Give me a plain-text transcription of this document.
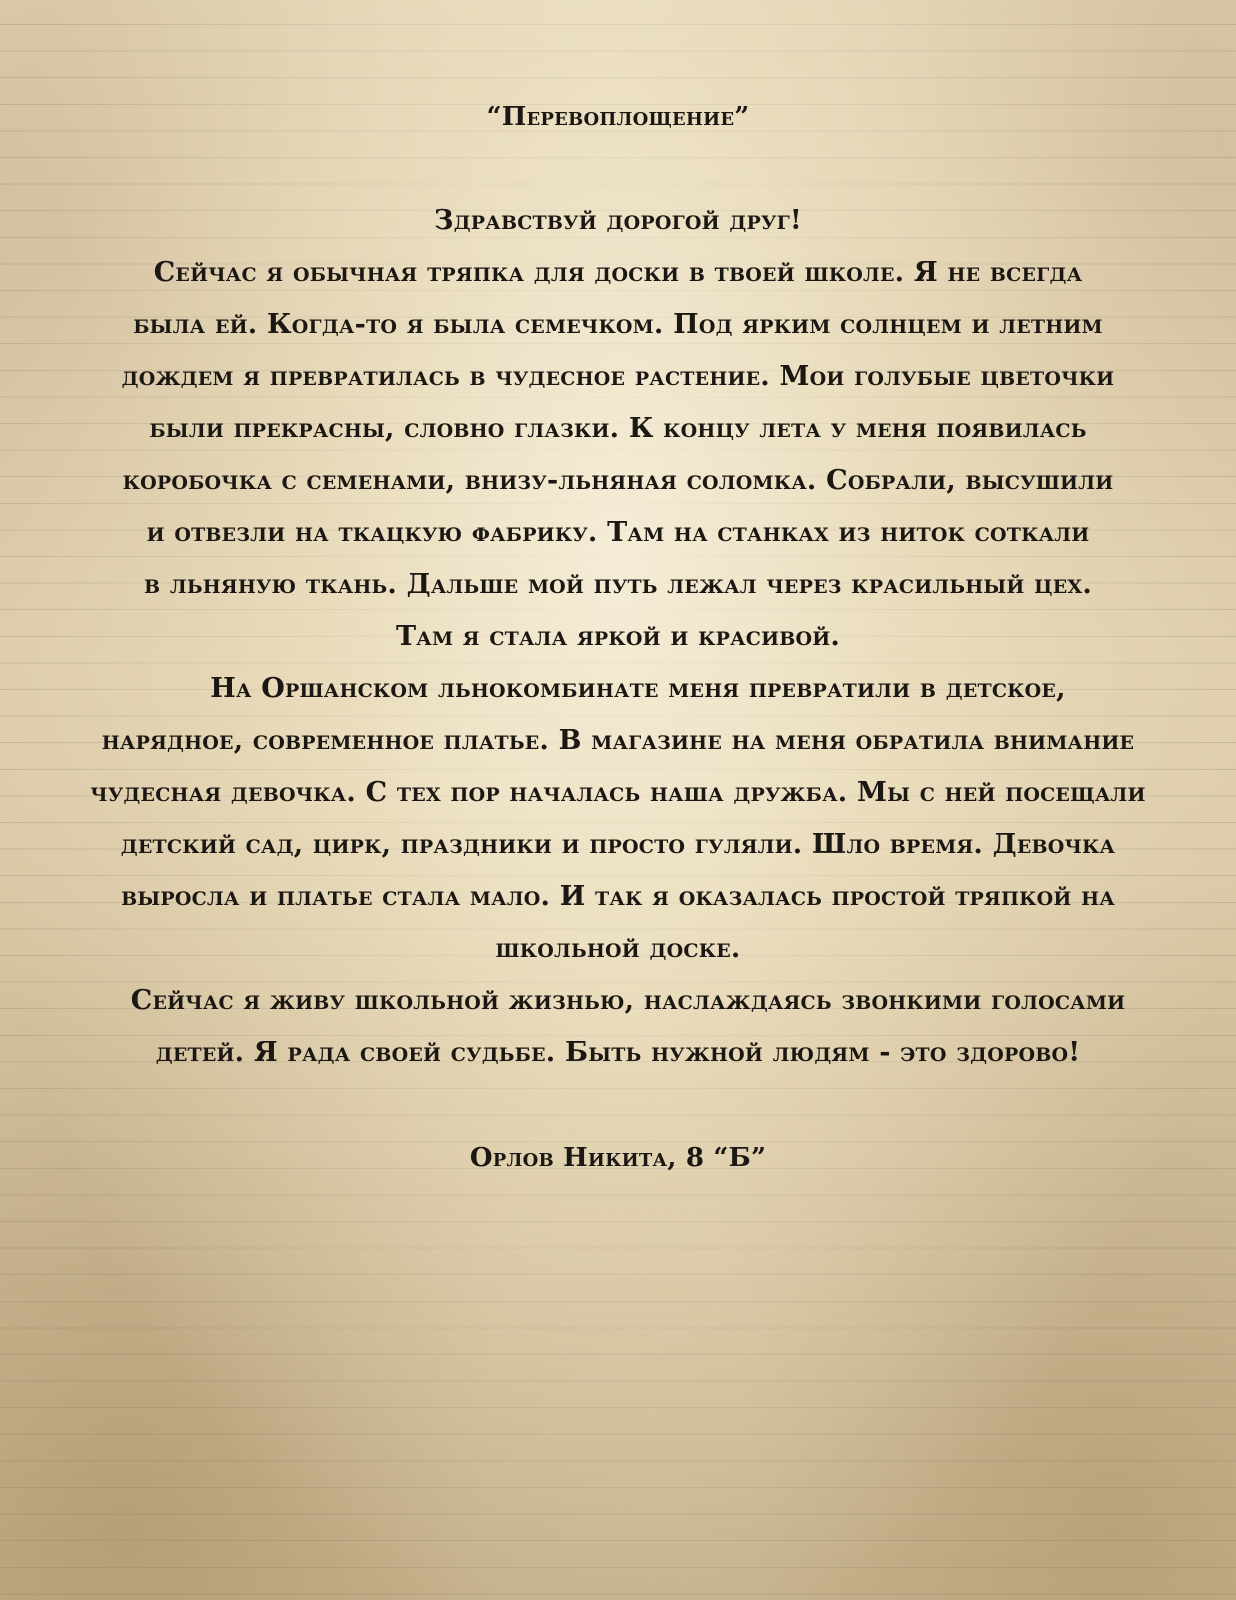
“Перевоплощение”
Здравствуй дорогой друг!
Сейчас я обычная тряпка для доски в твоей школе. Я не всегда
была ей. Когда-то я была семечком. Под ярким солнцем и летним
дождем я превратилась в чудесное растение. Мои голубые цветочки
были прекрасны, словно глазки. К концу лета у меня появилась
коробочка с семенами, внизу-льняная соломка. Собрали, высушили
и отвезли на ткацкую фабрику. Там на станках из ниток соткали
в льняную ткань. Дальше мой путь лежал через красильный цех.
Там я стала яркой и красивой.
На Оршанском льнокомбинате меня превратили в детское,
нарядное, современное платье. В магазине на меня обратила внимание
чудесная девочка. С тех пор началась наша дружба. Мы с ней посещали
детский сад, цирк, праздники и просто гуляли. Шло время. Девочка
выросла и платье стала мало. И так я оказалась простой тряпкой на
школьной доске.
Сейчас я живу школьной жизнью, наслаждаясь звонкими голосами
детей. Я рада своей судьбе. Быть нужной людям - это здорово!
Орлов Никита, 8 “Б”
